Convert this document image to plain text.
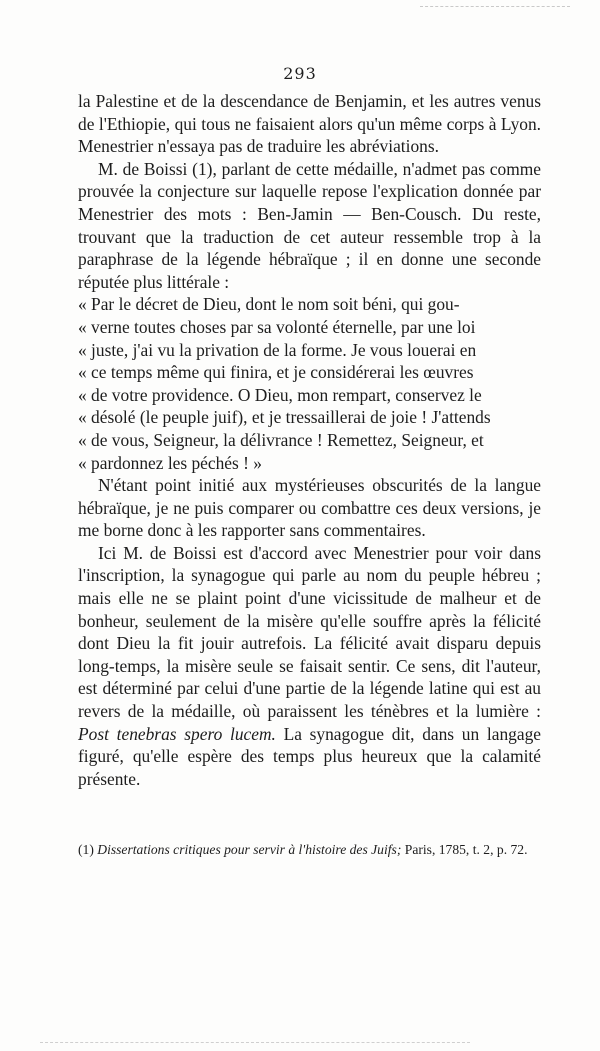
293

la Palestine et de la descendance de Benjamin, et les autres venus de l'Ethiopie, qui tous ne faisaient alors qu'un même corps à Lyon. Menestrier n'essaya pas de traduire les abréviations.

M. de Boissi (1), parlant de cette médaille, n'admet pas comme prouvée la conjecture sur laquelle repose l'explication donnée par Menestrier des mots : Ben-Jamin — Ben-Cousch. Du reste, trouvant que la traduction de cet auteur ressemble trop à la paraphrase de la légende hébraïque ; il en donne une seconde réputée plus littérale :

« Par le décret de Dieu, dont le nom soit béni, qui gou-
« verne toutes choses par sa volonté éternelle, par une loi
« juste, j'ai vu la privation de la forme. Je vous louerai en
« ce temps même qui finira, et je considérerai les œuvres
« de votre providence. O Dieu, mon rempart, conservez le
« désolé (le peuple juif), et je tressaillerai de joie ! J'attends
« de vous, Seigneur, la délivrance ! Remettez, Seigneur, et
« pardonnez les péchés ! »

N'étant point initié aux mystérieuses obscurités de la langue hébraïque, je ne puis comparer ou combattre ces deux versions, je me borne donc à les rapporter sans commentaires.

Ici M. de Boissi est d'accord avec Menestrier pour voir dans l'inscription, la synagogue qui parle au nom du peuple hébreu ; mais elle ne se plaint point d'une vicissitude de malheur et de bonheur, seulement de la misère qu'elle souffre après la félicité dont Dieu la fit jouir autrefois. La félicité avait disparu depuis long-temps, la misère seule se faisait sentir. Ce sens, dit l'auteur, est déterminé par celui d'une partie de la légende latine qui est au revers de la médaille, où paraissent les ténèbres et la lumière : Post tenebras spero lucem. La synagogue dit, dans un langage figuré, qu'elle espère des temps plus heureux que la calamité présente.

(1) Dissertations critiques pour servir à l'histoire des Juifs; Paris, 1785, t. 2, p. 72.
